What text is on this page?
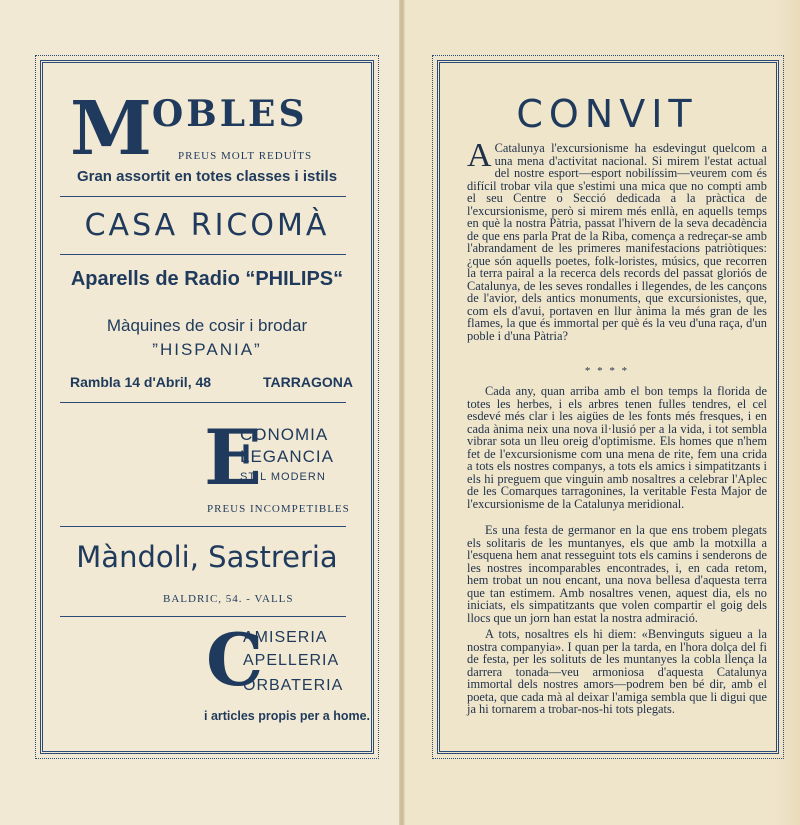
MOBLES
PREUS MOLT REDUÏTS
Gran assortit en totes classes i istils
CASA RICOMÀ
Aparells de Radio “PHILIPS“
Màquines de cosir i brodar
”HISPANIA”
Rambla 14 d'Abril, 48	TARRAGONA
E
CONOMIA
LEGANCIA
STIL MODERN
PREUS INCOMPETIBLES
Màndoli, Sastreria
BALDRIC, 54. - VALLS
C
AMISERIA
APELLERIA
ORBATERIA
i articles propis per a home.
CONVIT
A Catalunya l'excursionisme ha esdevingut quelcom a una mena d'activitat nacional. Si mirem l'estat actual del nostre esport—esport nobilíssim—veurem com és difícil trobar vila que s'estimi una mica que no compti amb el seu Centre o Secció dedicada a la pràctica de l'excursionisme, però si mirem més enllà, en aquells temps en què la nostra Pàtria, passat l'hivern de la seva decadència de que ens parla Prat de la Riba, comença a redreçar-se amb l'abrandament de les primeres manifestacions patriòtiques: ¿que són aquells poetes, folk-loristes, músics, que recorren la terra pairal a la recerca dels records del passat gloriós de Catalunya, de les seves rondalles i llegendes, de les cançons de l'avior, dels antics monuments, que excursionistes, que, com els d'avui, portaven en llur ànima la més gran de les flames, la que és immortal per què és la veu d'una raça, d'un poble i d'una Pàtria?
* * * *
Cada any, quan arriba amb el bon temps la florida de totes les herbes, i els arbres tenen fulles tendres, el cel esdevé més clar i les aigües de les fonts més fresques, i en cada ànima neix una nova il·lusió per a la vida, i tot sembla vibrar sota un lleu oreig d'optimisme. Els homes que n'hem fet de l'excursionisme com una mena de rite, fem una crida a tots els nostres companys, a tots els amics i simpatitzants i els hi preguem que vinguin amb nosaltres a celebrar l'Aplec de les Comarques tarragonines, la veritable Festa Major de l'excursionisme de la Catalunya meridional.
Es una festa de germanor en la que ens trobem plegats els solitaris de les muntanyes, els que amb la motxilla a l'esquena hem anat resseguint tots els camins i senderons de les nostres incomparables encontrades, i, en cada retom, hem trobat un nou encant, una nova bellesa d'aquesta terra que tan estimem. Amb nosaltres venen, aquest dia, els no iniciats, els simpatitzants que volen compartir el goig dels llocs que un jorn han estat la nostra admiració.
A tots, nosaltres els hi diem: «Benvinguts sigueu a la nostra companyia». I quan per la tarda, en l'hora dolça del fi de festa, per les solituts de les muntanyes la cobla llença la darrera tonada—veu armoniosa d'aquesta Catalunya immortal dels nostres amors—podrem ben bé dir, amb el poeta, que cada mà al deixar l'amiga sembla que li digui que ja hi tornarem a trobar-nos-hi tots plegats.
